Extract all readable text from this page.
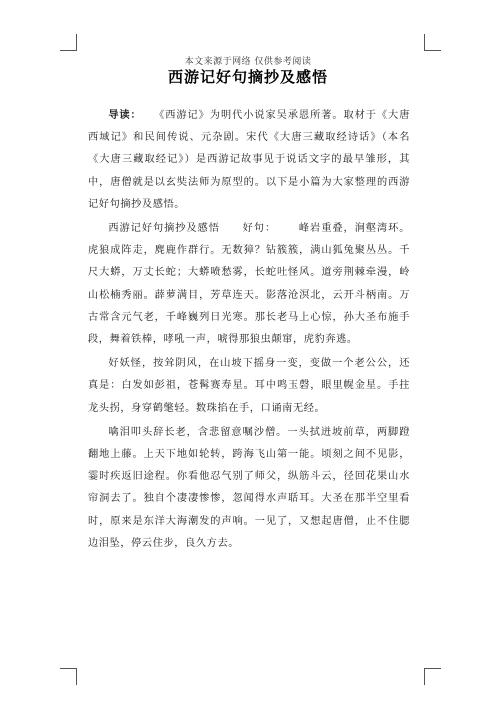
本文来源于网络 仅供参考阅读
西游记好句摘抄及感悟

导读： 《西游记》为明代小说家吴承恩所著。取材于《大唐西域记》和民间传说、元杂剧。宋代《大唐三藏取经诗话》（本名《大唐三藏取经记》）是西游记故事见于说话文字的最早雏形，其中，唐僧就是以玄奘法师为原型的。以下是小篇为大家整理的西游记好句摘抄及感悟。

西游记好句摘抄及感悟 好句： 峰岩重叠，涧壑湾环。虎狼成阵走，麂鹿作群行。无数獐？钻簇簇，满山狐兔聚丛丛。千尺大蟒，万丈长蛇；大蟒喷愁雾，长蛇吐怪风。道旁荆棘牵漫，岭山松楠秀丽。薜萝满目，芳草连天。影落沧溟北，云开斗柄南。万古常含元气老，千峰巍列日光寒。那长老马上心惊，孙大圣布施手段，舞着铁棒，哮吼一声，唬得那狼虫颠窜，虎豹奔逃。

好妖怪，按耸阴风，在山坡下摇身一变，变做一个老公公，还真是：白发如彭祖，苍髯赛寿星。耳中鸣玉磬，眼里幌金星。手拄龙头拐，身穿鹤氅轻。数珠掐在手，口诵南无经。

噙泪叩头辞长老，含悲留意嘱沙僧。一头拭迸坡前草，两脚蹬翻地上藤。上天下地如轮转，跨海飞山第一能。顷刻之间不见影，霎时疾返旧途程。你看他忍气别了师父，纵筋斗云，径回花果山水帘洞去了。独自个凄凄惨惨，忽闻得水声聒耳。大圣在那半空里看时，原来是东洋大海潮发的声响。一见了，又想起唐僧，止不住腮边泪坠，停云住步，良久方去。
